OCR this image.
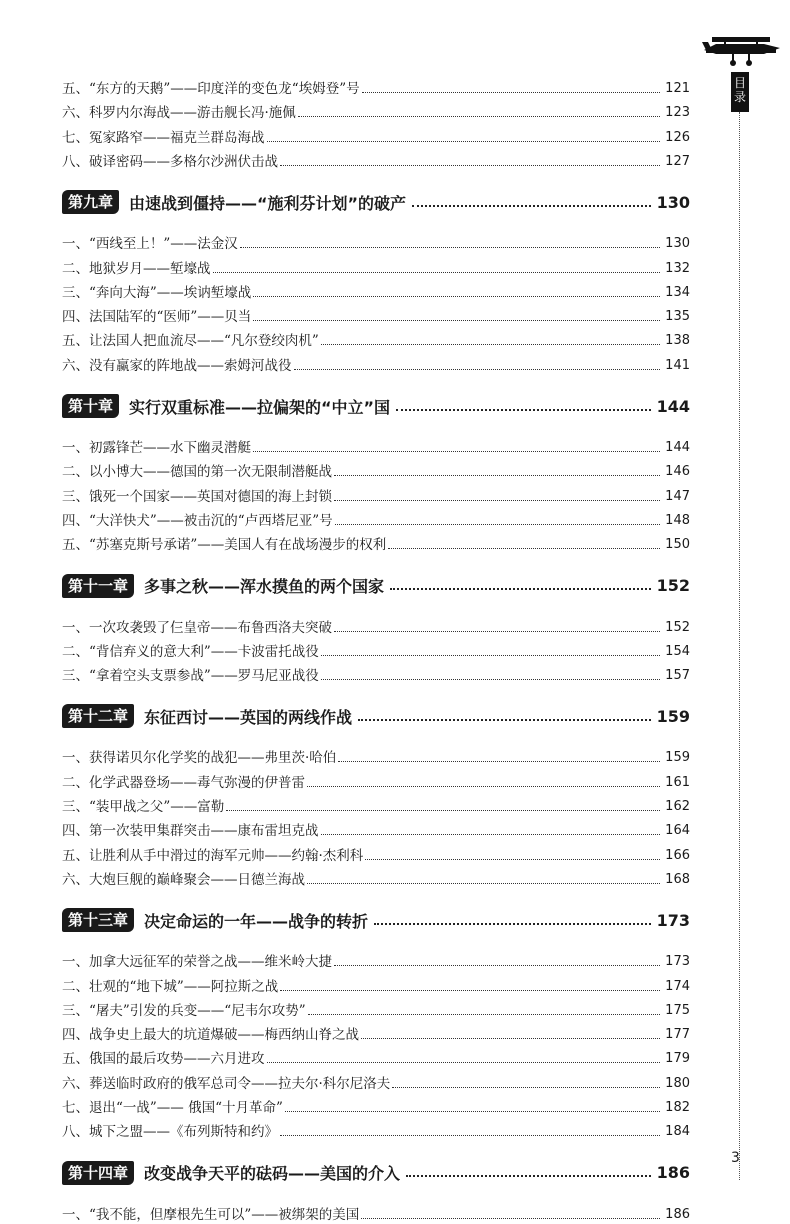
目录
五、“东方的天鹅”——印度洋的变色龙“埃姆登”号	121
六、科罗内尔海战——游击舰长冯·施佩	123
七、冤家路窄——福克兰群岛海战	126
八、破译密码——多格尔沙洲伏击战	127
第九章	由速战到僵持——“施利芬计划”的破产	130
一、“西线至上！”——法金汉	130
二、地狱岁月——堑壕战	132
三、“奔向大海”——埃讷堑壕战	134
四、法国陆军的“医师”——贝当	135
五、让法国人把血流尽——“凡尔登绞肉机”	138
六、没有赢家的阵地战——索姆河战役	141
第十章	实行双重标准——拉偏架的“中立”国	144
一、初露锋芒——水下幽灵潜艇	144
二、以小博大——德国的第一次无限制潜艇战	146
三、饿死一个国家——英国对德国的海上封锁	147
四、“大洋快犬”——被击沉的“卢西塔尼亚”号	148
五、“苏塞克斯号承诺”——美国人有在战场漫步的权利	150
第十一章	多事之秋——浑水摸鱼的两个国家	152
一、一次攻袭毁了仨皇帝——布鲁西洛夫突破	152
二、“背信弃义的意大利”——卡波雷托战役	154
三、“拿着空头支票参战”——罗马尼亚战役	157
第十二章	东征西讨——英国的两线作战	159
一、获得诺贝尔化学奖的战犯——弗里茨·哈伯	159
二、化学武器登场——毒气弥漫的伊普雷	161
三、“装甲战之父”——富勒	162
四、第一次装甲集群突击——康布雷坦克战	164
五、让胜利从手中滑过的海军元帅——约翰·杰利科	166
六、大炮巨舰的巅峰聚会——日德兰海战	168
第十三章	决定命运的一年——战争的转折	173
一、加拿大远征军的荣誉之战——维米岭大捷	173
二、壮观的“地下城”——阿拉斯之战	174
三、“屠夫”引发的兵变——“尼韦尔攻势”	175
四、战争史上最大的坑道爆破——梅西纳山脊之战	177
五、俄国的最后攻势——六月进攻	179
六、葬送临时政府的俄军总司令——拉夫尔·科尔尼洛夫	180
七、退出“一战”—— 俄国“十月革命”	182
八、城下之盟——《布列斯特和约》	184
第十四章	改变战争天平的砝码——美国的介入	186
一、“我不能，但摩根先生可以”——被绑架的美国	186
3
